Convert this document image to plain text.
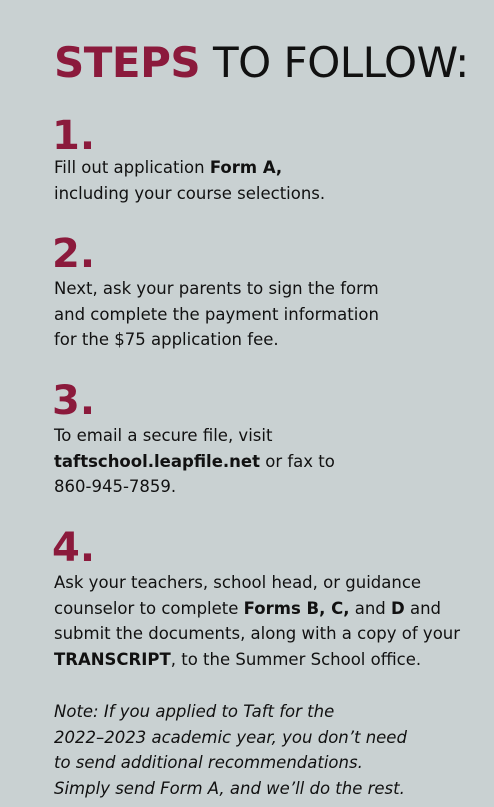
STEPS TO FOLLOW:
1.
Fill out application Form A,
including your course selections.
2.
Next, ask your parents to sign the form
and complete the payment information
for the $75 application fee.
3.
To email a secure file, visit
taftschool.leapfile.net or fax to
860-945-7859.
4.
Ask your teachers, school head, or guidance
counselor to complete Forms B, C, and D and
submit the documents, along with a copy of your
TRANSCRIPT, to the Summer School office.
Note: If you applied to Taft for the
2022–2023 academic year, you don’t need
to send additional recommendations.
Simply send Form A, and we’ll do the rest.
